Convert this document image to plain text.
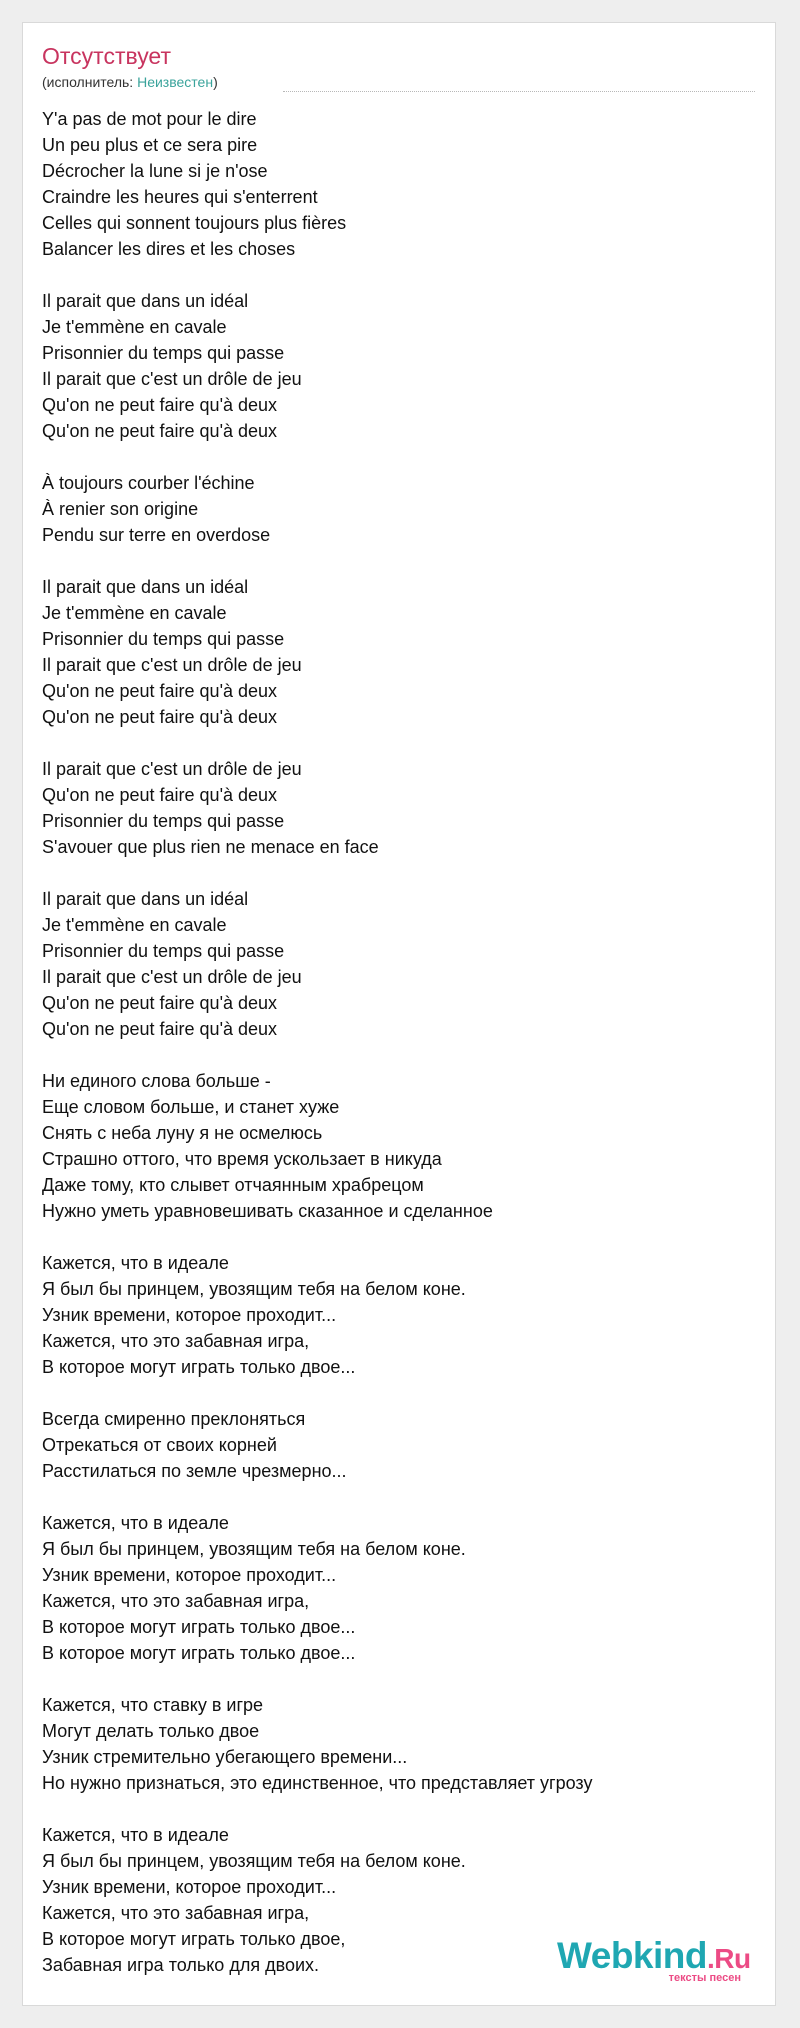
Отсутствует
(исполнитель: Неизвестен)
Y'a pas de mot pour le dire
Un peu plus et ce sera pire
Décrocher la lune si je n'ose
Craindre les heures qui s'enterrent
Celles qui sonnent toujours plus fières
Balancer les dires et les choses
Il parait que dans un idéal
Je t'emmène en cavale
Prisonnier du temps qui passe
Il parait que c'est un drôle de jeu
Qu'on ne peut faire qu'à deux
Qu'on ne peut faire qu'à deux
À toujours courber l'échine
À renier son origine
Pendu sur terre en overdose
Il parait que dans un idéal
Je t'emmène en cavale
Prisonnier du temps qui passe
Il parait que c'est un drôle de jeu
Qu'on ne peut faire qu'à deux
Qu'on ne peut faire qu'à deux
Il parait que c'est un drôle de jeu
Qu'on ne peut faire qu'à deux
Prisonnier du temps qui passe
S'avouer que plus rien ne menace en face
Il parait que dans un idéal
Je t'emmène en cavale
Prisonnier du temps qui passe
Il parait que c'est un drôle de jeu
Qu'on ne peut faire qu'à deux
Qu'on ne peut faire qu'à deux
Ни единого слова больше -
Еще словом больше, и станет хуже
Снять с неба луну я не осмелюсь
Страшно оттого, что время ускользает в никуда
Даже тому, кто слывет отчаянным храбрецом
Нужно уметь уравновешивать сказанное и сделанное
Кажется, что в идеале
Я был бы принцем, увозящим тебя на белом коне.
Узник времени, которое проходит...
Кажется, что это забавная игра,
В которое могут играть только двое...
Всегда смиренно преклоняться
Отрекаться от своих корней
Расстилаться по земле чрезмерно...
Кажется, что в идеале
Я был бы принцем, увозящим тебя на белом коне.
Узник времени, которое проходит...
Кажется, что это забавная игра,
В которое могут играть только двое...
В которое могут играть только двое...
Кажется, что ставку в игре
Могут делать только двое
Узник стремительно убегающего времени...
Но нужно признаться, это единственное, что представляет угрозу
Кажется, что в идеале
Я был бы принцем, увозящим тебя на белом коне.
Узник времени, которое проходит...
Кажется, что это забавная игра,
В которое могут играть только двое,
Забавная игра только для двоих.	Webkind.Ru
тексты песен
